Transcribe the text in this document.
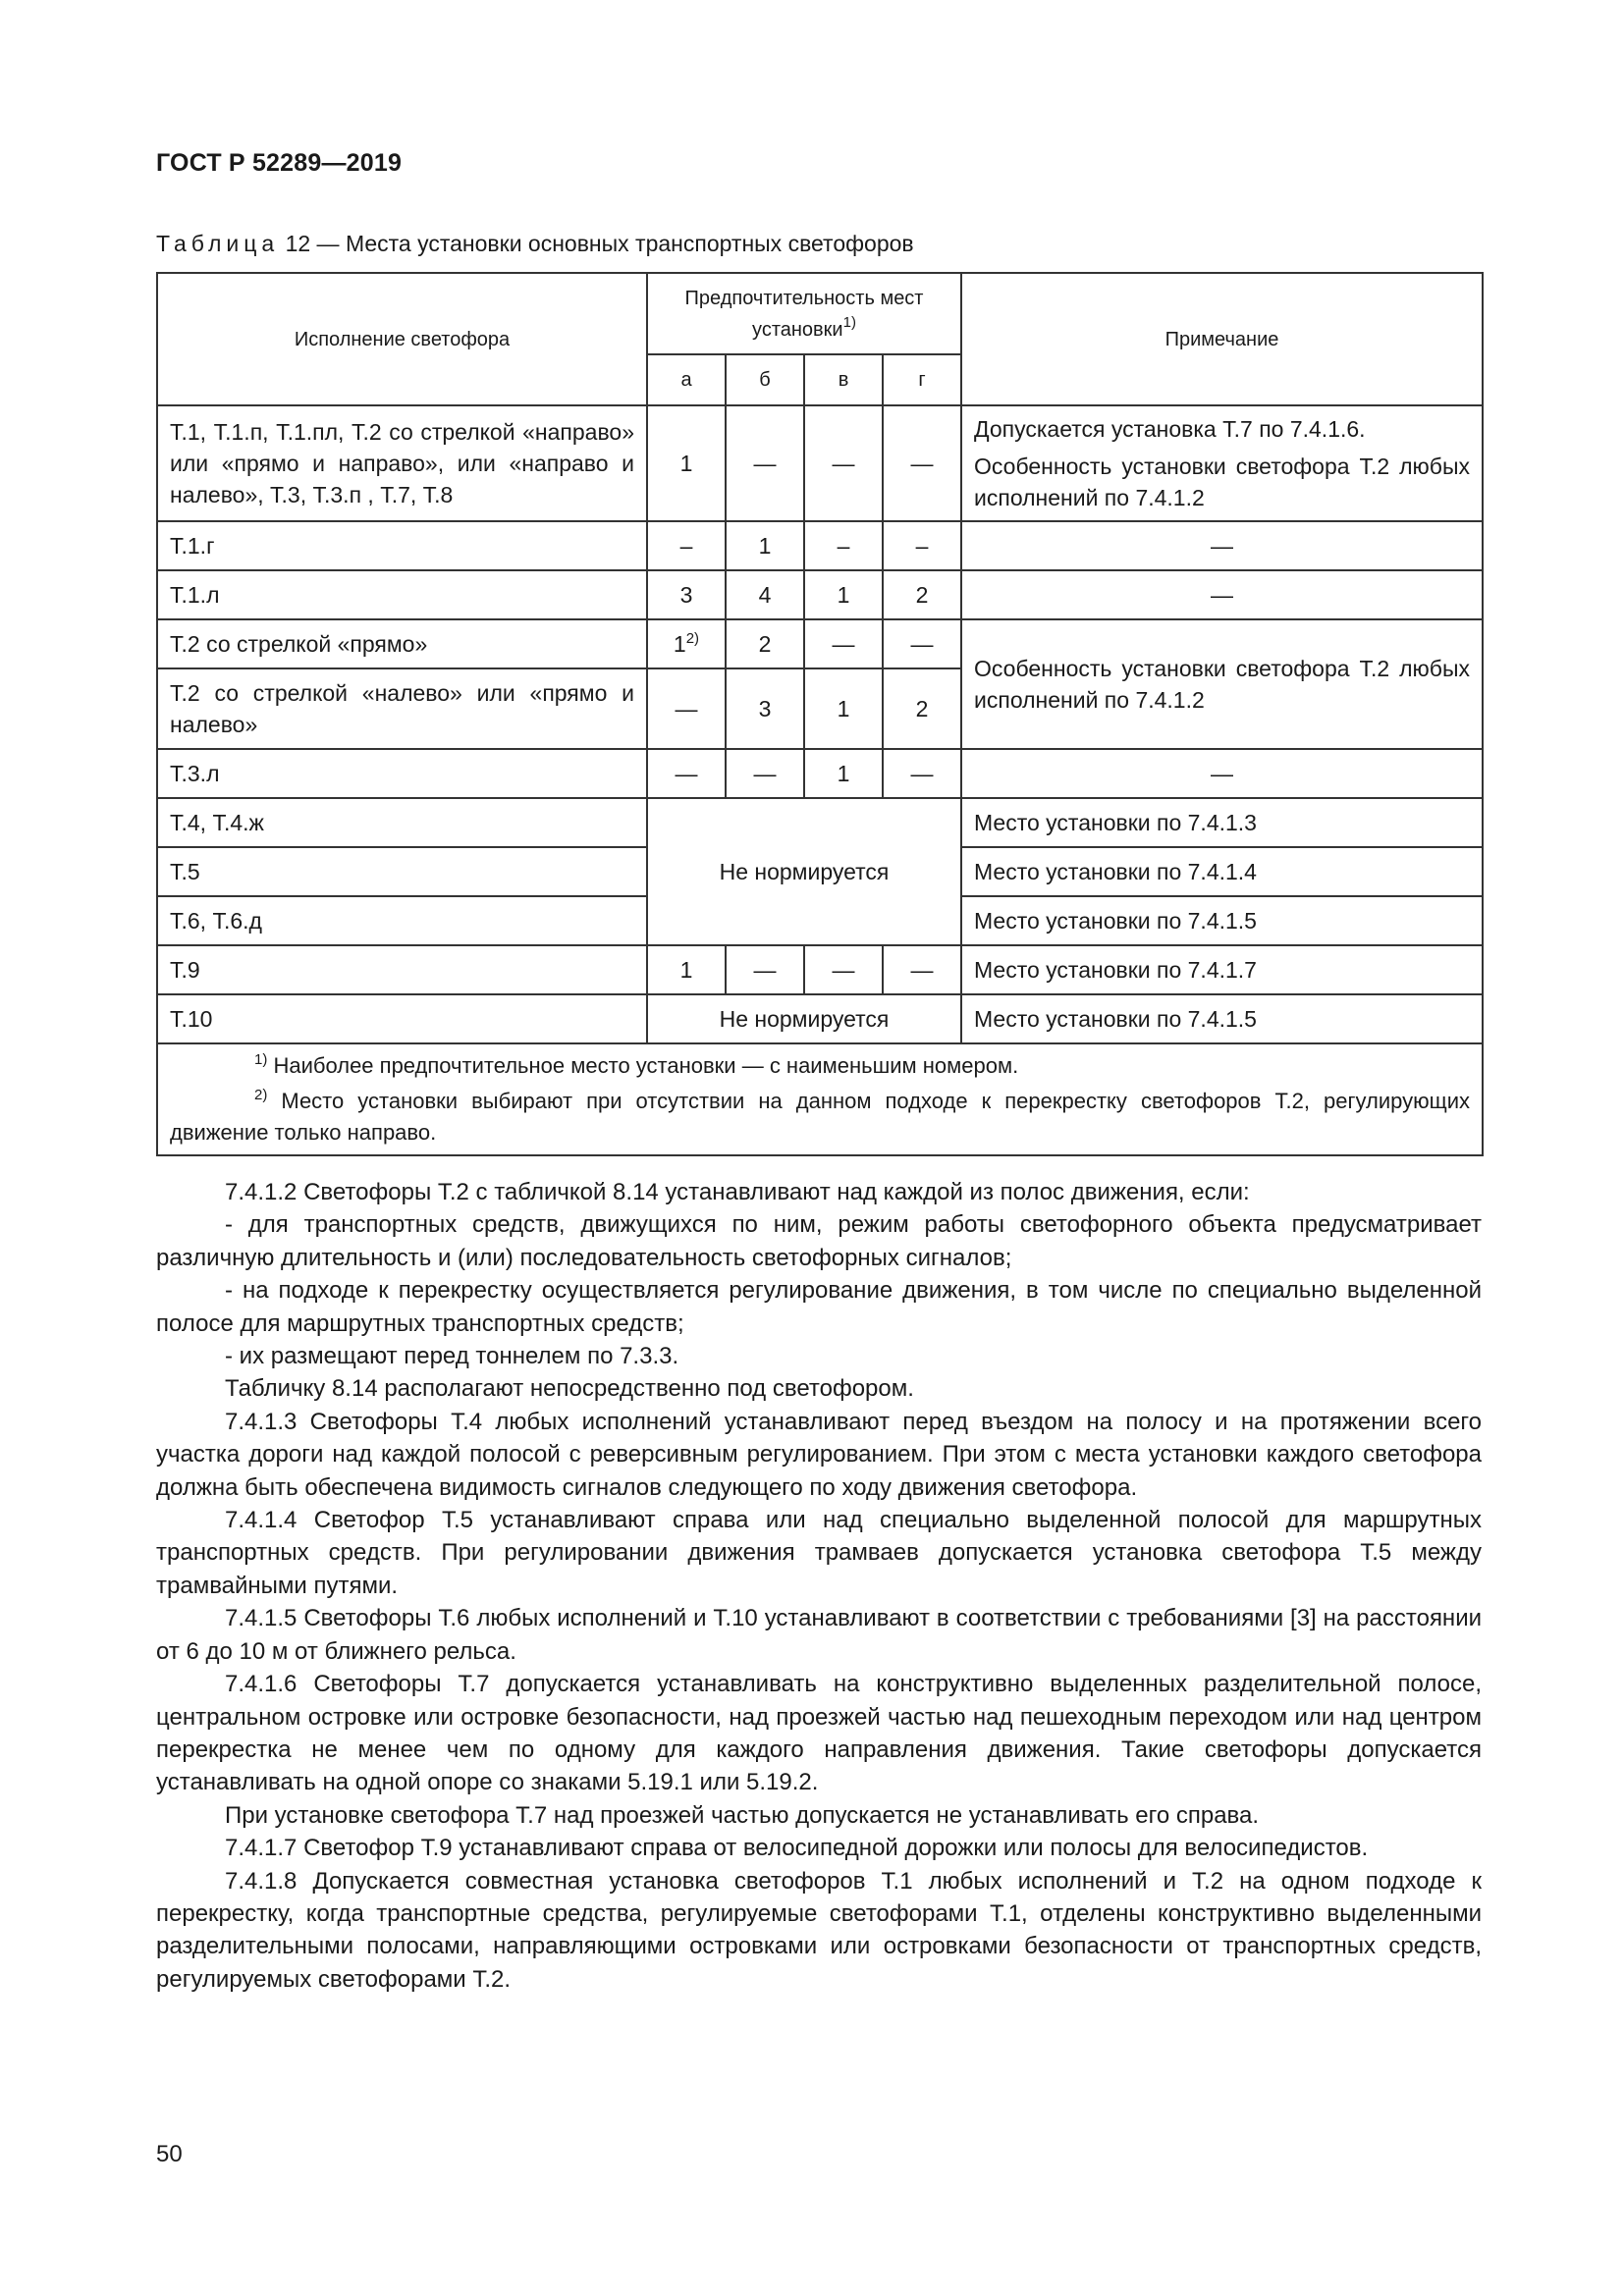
ГОСТ Р 52289—2019
Таблица 12 — Места установки основных транспортных светофоров
Исполнение светофора	Предпочтительность мест установки$^{1)}$				Примечание
	а	б	в	г	
Т.1, Т.1.п, Т.1.пл, Т.2 со стрелкой «направо» или «прямо и направо», или «направо и налево», Т.3, Т.3.п , Т.7, Т.8	1	—	—	—	Допускается установка Т.7 по 7.4.1.6.

Особенность установки светофора Т.2 любых исполнений по 7.4.1.2

Т.1.г	–	1	–	–	—
Т.1.л	3	4	1	2	—
Т.2 со стрелкой «прямо»	1$^{2)}$	2	—	—	Особенность установки светофора Т.2 любых исполнений по 7.4.1.2
Т.2 со стрелкой «налево» или «прямо и налево»	—	3	1	2	
Т.3.л	—	—	1	—	—
Т.4, Т.4.ж	Не нормируется				Место установки по 7.4.1.3
Т.5					Место установки по 7.4.1.4
Т.6, Т.6.д					Место установки по 7.4.1.5
Т.9	1	—	—	—	Место установки по 7.4.1.7
Т.10	Не нормируется				Место установки по 7.4.1.5

$^{1)}$ Наиболее предпочтительное место установки — с наименьшим номером.

$^{2)}$ Место установки выбирают при отсутствии на данном подходе к перекрестку светофоров Т.2, регулирующих движение только направо.					

7.4.1.2 Светофоры Т.2 с табличкой 8.14 устанавливают над каждой из полос движения, если:

- для транспортных средств, движущихся по ним, режим работы светофорного объекта предусматривает различную длительность и (или) последовательность светофорных сигналов;

- на подходе к перекрестку осуществляется регулирование движения, в том числе по специально выделенной полосе для маршрутных транспортных средств;

- их размещают перед тоннелем по 7.3.3.

Табличку 8.14 располагают непосредственно под светофором.

7.4.1.3 Светофоры Т.4 любых исполнений устанавливают перед въездом на полосу и на протяжении всего участка дороги над каждой полосой с реверсивным регулированием. При этом с места установки каждого светофора должна быть обеспечена видимость сигналов следующего по ходу движения светофора.

7.4.1.4 Светофор Т.5 устанавливают справа или над специально выделенной полосой для маршрутных транспортных средств. При регулировании движения трамваев допускается установка светофора Т.5 между трамвайными путями.

7.4.1.5 Светофоры Т.6 любых исполнений и Т.10 устанавливают в соответствии с требованиями [3] на расстоянии от 6 до 10 м от ближнего рельса.

7.4.1.6 Светофоры Т.7 допускается устанавливать на конструктивно выделенных разделительной полосе, центральном островке или островке безопасности, над проезжей частью над пешеходным переходом или над центром перекрестка не менее чем по одному для каждого направления движения. Такие светофоры допускается устанавливать на одной опоре со знаками 5.19.1 или 5.19.2.

При установке светофора Т.7 над проезжей частью допускается не устанавливать его справа.

7.4.1.7 Светофор Т.9 устанавливают справа от велосипедной дорожки или полосы для велосипедистов.

7.4.1.8 Допускается совместная установка светофоров Т.1 любых исполнений и Т.2 на одном подходе к перекрестку, когда транспортные средства, регулируемые светофорами Т.1, отделены конструктивно выделенными разделительными полосами, направляющими островками или островками безопасности от транспортных средств, регулируемых светофорами Т.2.

50
